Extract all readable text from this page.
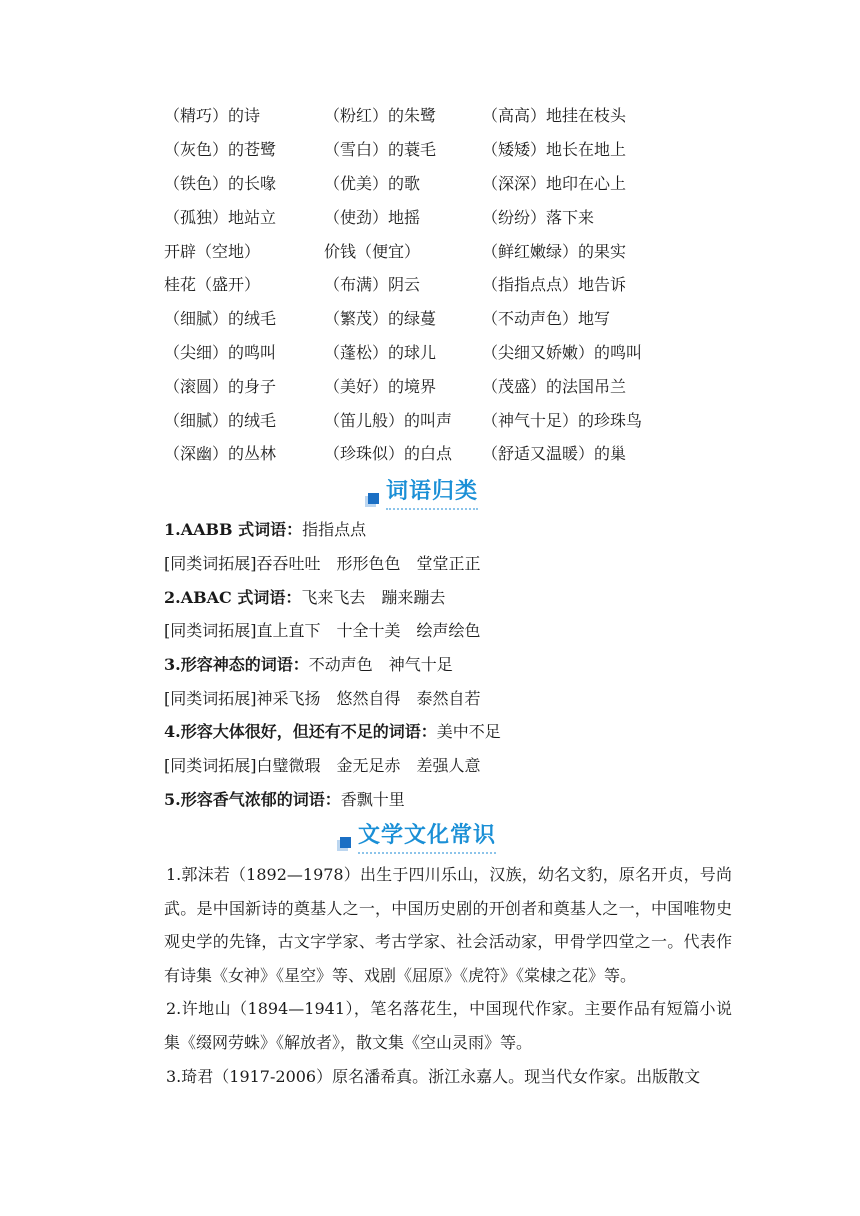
（精巧）的诗	（粉红）的朱鹭	（高高）地挂在枝头
（灰色）的苍鹭	（雪白）的蓑毛	（矮矮）地长在地上
（铁色）的长喙	（优美）的歌	（深深）地印在心上
（孤独）地站立	（使劲）地摇	（纷纷）落下来
开辟（空地）	价钱（便宜）	（鲜红嫩绿）的果实
桂花（盛开）	（布满）阴云	（指指点点）地告诉
（细腻）的绒毛	（繁茂）的绿蔓	（不动声色）地写
（尖细）的鸣叫	（蓬松）的球儿	（尖细又娇嫩）的鸣叫
（滚圆）的身子	（美好）的境界	（茂盛）的法国吊兰
（细腻）的绒毛	（笛儿般）的叫声	（神气十足）的珍珠鸟
（深幽）的丛林	（珍珠似）的白点	（舒适又温暖）的巢
词语归类
1.AABB 式词语： 指指点点
[同类词拓展]吞吞吐吐　形形色色　堂堂正正
2.ABAC 式词语： 飞来飞去　蹦来蹦去
[同类词拓展]直上直下　十全十美　绘声绘色
3.形容神态的词语： 不动声色　神气十足
[同类词拓展]神采飞扬　悠然自得　泰然自若
4.形容大体很好，但还有不足的词语： 美中不足
[同类词拓展]白璧微瑕　金无足赤　差强人意
5.形容香气浓郁的词语： 香飘十里
文学文化常识

1.郭沫若（1892—1978）出生于四川乐山，汉族，幼名文豹，原名开贞，号尚武。是中国新诗的奠基人之一，中国历史剧的开创者和奠基人之一，中国唯物史观史学的先锋，古文字学家、考古学家、社会活动家，甲骨学四堂之一。代表作有诗集《女神》《星空》等、戏剧《屈原》《虎符》《棠棣之花》等。

2.许地山（1894—1941），笔名落花生，中国现代作家。主要作品有短篇小说集《缀网劳蛛》《解放者》，散文集《空山灵雨》等。

3.琦君（1917-2006）原名潘希真。浙江永嘉人。现当代女作家。出版散文
